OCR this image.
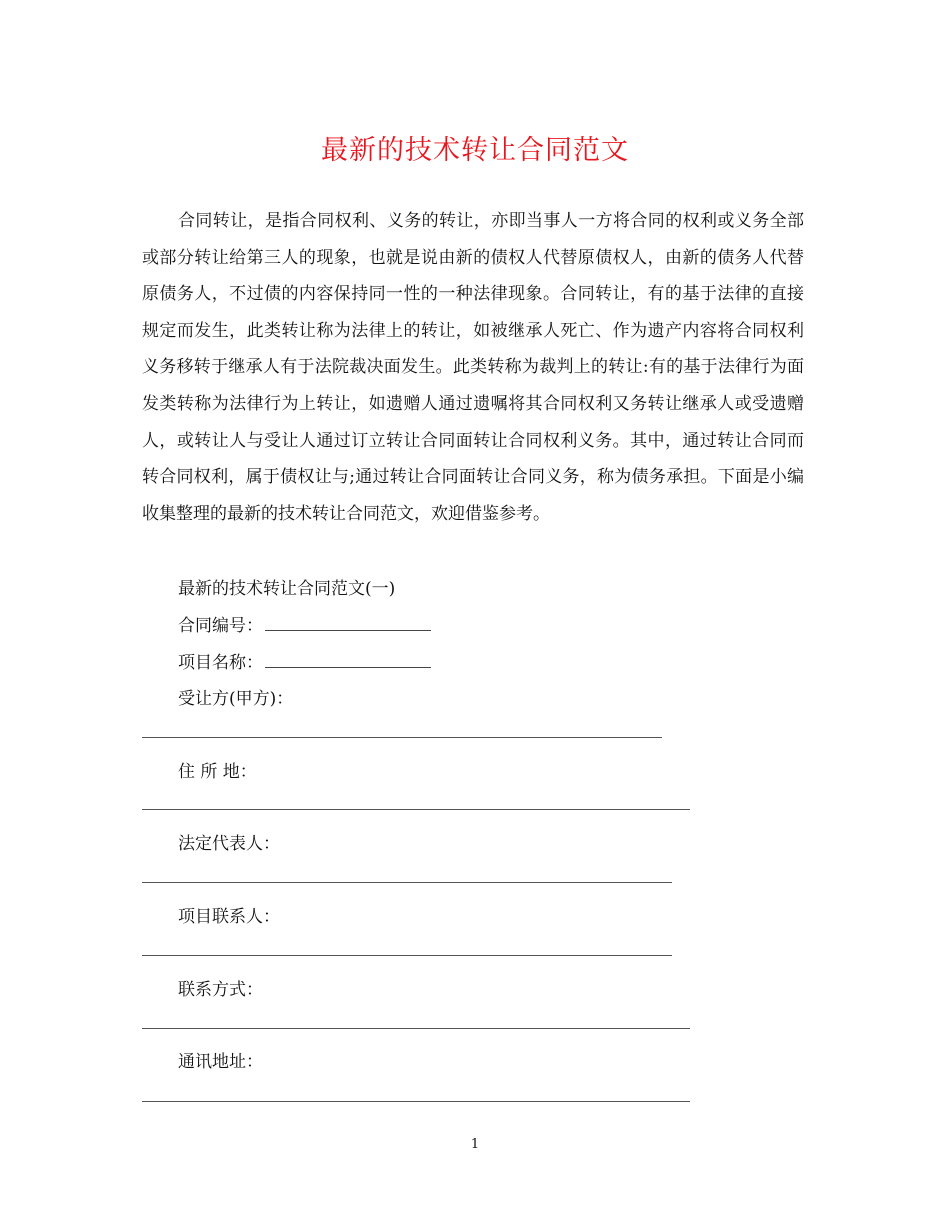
最新的技术转让合同范文

合同转让，是指合同权利、义务的转让，亦即当事人一方将合同的权利或义务全部或部分转让给第三人的现象，也就是说由新的债权人代替原债权人，由新的债务人代替原债务人，不过债的内容保持同一性的一种法律现象。合同转让，有的基于法律的直接规定而发生，此类转让称为法律上的转让，如被继承人死亡、作为遗产内容将合同权利义务移转于继承人有于法院裁决面发生。此类转称为裁判上的转让:有的基于法律行为面发类转称为法律行为上转让，如遗赠人通过遗嘱将其合同权利又务转让继承人或受遗赠人，或转让人与受让人通过订立转让合同面转让合同权利义务。其中，通过转让合同而转合同权利，属于债权让与;通过转让合同面转让合同义务，称为债务承担。下面是小编收集整理的最新的技术转让合同范文，欢迎借鉴参考。

最新的技术转让合同范文(一)
合同编号：
项目名称：
受让方(甲方)：
住 所 地：
法定代表人：
项目联系人：
联系方式：
通讯地址：
1
